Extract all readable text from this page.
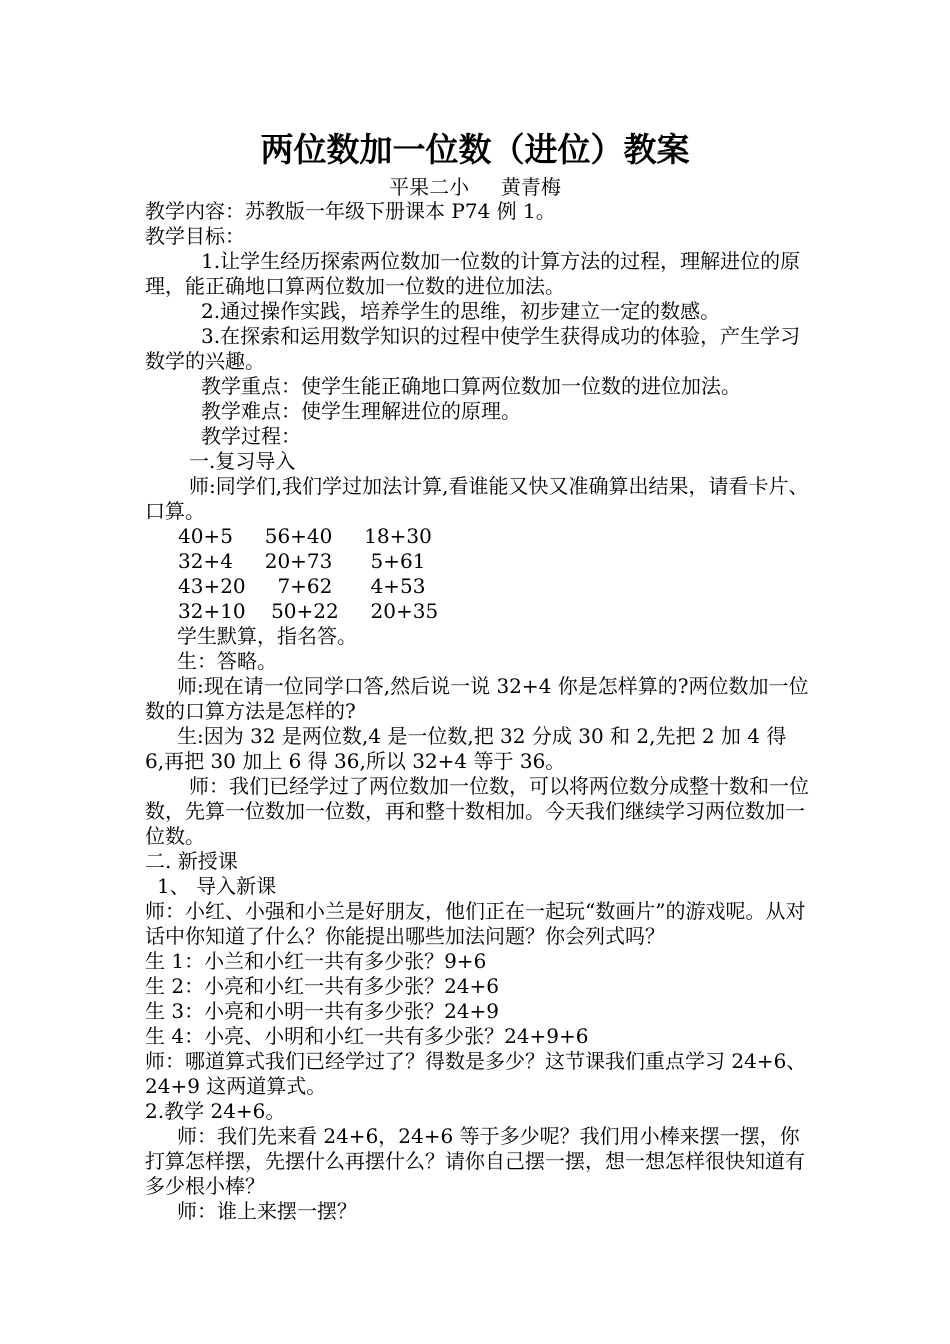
两位数加一位数（进位）教案
平果二小     黄青梅

教学内容：苏教版一年级下册课本 P74 例 1。

教学目标：

1.让学生经历探索两位数加一位数的计算方法的过程，理解进位的原理，能正确地口算两位数加一位数的进位加法。

2.通过操作实践，培养学生的思维，初步建立一定的数感。

3.在探索和运用数学知识的过程中使学生获得成功的体验，产生学习数学的兴趣。

教学重点：使学生能正确地口算两位数加一位数的进位加法。

教学难点：使学生理解进位的原理。

教学过程：

一.复习导入

师:同学们,我们学过加法计算,看谁能又快又准确算出结果，请看卡片、口算。

40+5     56+40     18+30

32+4     20+73      5+61

43+20     7+62      4+53

32+10    50+22     20+35

学生默算，指名答。

生：答略。

师:现在请一位同学口答,然后说一说 32+4 你是怎样算的?两位数加一位数的口算方法是怎样的?

生:因为 32 是两位数,4 是一位数,把 32 分成 30 和 2,先把 2 加 4 得 6,再把 30 加上 6 得 36,所以 32+4 等于 36。

师：我们已经学过了两位数加一位数，可以将两位数分成整十数和一位数，先算一位数加一位数，再和整十数相加。今天我们继续学习两位数加一位数。

二. 新授课

1、 导入新课

师：小红、小强和小兰是好朋友，他们正在一起玩“数画片”的游戏呢。从对话中你知道了什么？你能提出哪些加法问题？你会列式吗？

生 1：小兰和小红一共有多少张？9+6

生 2：小亮和小红一共有多少张？24+6

生 3：小亮和小明一共有多少张？24+9

生 4：小亮、小明和小红一共有多少张？24+9+6

师：哪道算式我们已经学过了？得数是多少？这节课我们重点学习 24+6、24+9 这两道算式。

2.教学 24+6。

师：我们先来看 24+6，24+6 等于多少呢？我们用小棒来摆一摆，你打算怎样摆，先摆什么再摆什么？请你自己摆一摆，想一想怎样很快知道有多少根小棒？

师：谁上来摆一摆？
